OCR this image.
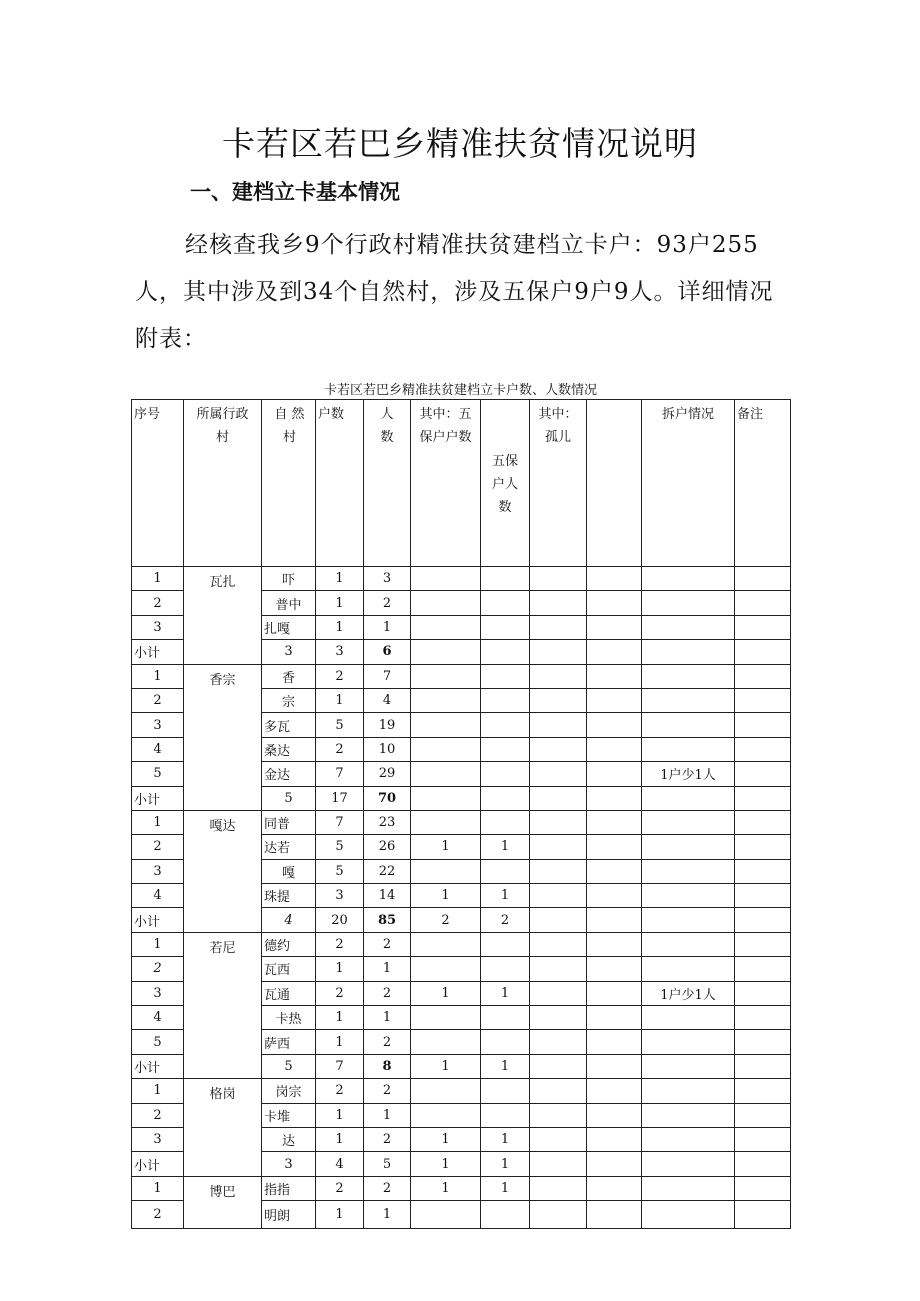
卡若区若巴乡精准扶贫情况说明
一、建档立卡基本情况
经核查我乡9个行政村精准扶贫建档立卡户：93户255人，其中涉及到34个自然村，涉及五保户9户9人。详细情况附表：
卡若区若巴乡精准扶贫建档立卡户数、人数情况
序号	所属行政村	自 然村	户数	人数	其中：五保户户数	五保户人数	其中：孤儿		拆户情况	备注
1	瓦扎	吓	1	3						
2		普中	1	2						
3		扎嘎	1	1						
小计		3	3	6						
1	香宗	香	2	7						
2		宗	1	4						
3		多瓦	5	19						
4		桑达	2	10						
5		金达	7	29					1户少1人	
小计		5	17	70						
1	嘎达	同普	7	23						
2		达若	5	26	1	1				
3		嘎	5	22						
4		珠提	3	14	1	1				
小计		4	20	85	2	2				
1	若尼	德约	2	2						
2		瓦西	1	1						
3		瓦通	2	2	1	1			1户少1人	
4		卡热	1	1						
5		萨西	1	2						
小计		5	7	8	1	1				
1	格岗	岗宗	2	2						
2		卡堆	1	1						
3		达	1	2	1	1				
小计		3	4	5	1	1				
1	博巴	指指	2	2	1	1				
2		明朗	1	1						
